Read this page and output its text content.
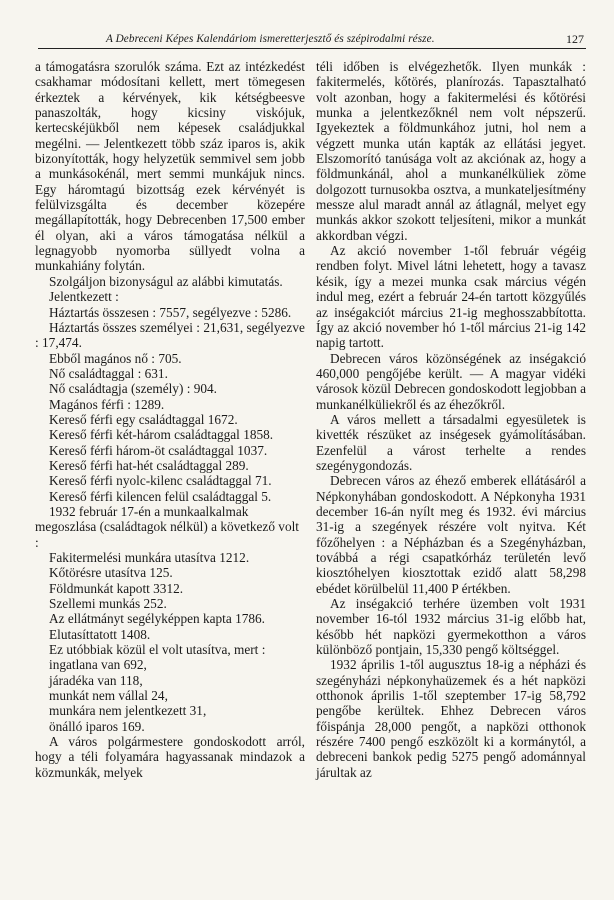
A Debreceni Képes Kalendáriom ismeretterjesztő és szépirodalmi része.	127

a támogatásra szorulók száma. Ezt az intézkedést csakhamar módosítani kellett, mert tömegesen érkeztek a kérvények, kik kétségbeesve panaszolták, hogy kicsiny viskójuk, kertecskéjükből nem képesek családjukkal megélni. — Jelentkezett több száz iparos is, akik bizonyították, hogy helyzetük semmivel sem jobb a munkásokénál, mert semmi munkájuk nincs. Egy háromtagú bizottság ezek kérvényét is felülvizsgálta és december közepére megállapították, hogy Debrecenben 17,500 ember él olyan, aki a város támogatása nélkül a legnagyobb nyomorba süllyedt volna a munkahiány folytán.

Szolgáljon bizonyságul az alábbi kimutatás.

Jelentkezett :

Háztartás összesen : 7557, segélyezve : 5286.

Háztartás összes személyei : 21,631, segélyezve : 17,474.

Ebből magános nő : 705.

Nő családtaggal : 631.

Nő családtagja (személy) : 904.

Magános férfi : 1289.

Kereső férfi egy családtaggal 1672.

Kereső férfi két-három családtaggal 1858.

Kereső férfi három-öt családtaggal 1037.

Kereső férfi hat-hét családtaggal 289.

Kereső férfi nyolc-kilenc családtaggal 71.

Kereső férfi kilencen felül családtaggal 5.

1932 február 17-én a munkaalkalmak megoszlása (családtagok nélkül) a következő volt :

Fakitermelési munkára utasítva 1212.

Kőtörésre utasítva 125.

Földmunkát kapott 3312.

Szellemi munkás 252.

Az ellátmányt segélyképpen kapta 1786.

Elutasíttatott 1408.

Ez utóbbiak közül el volt utasítva, mert :

ingatlana van 692,

járadéka van 118,

munkát nem vállal 24,

munkára nem jelentkezett 31,

önálló iparos 169.

A város polgármestere gondoskodott arról, hogy a téli folyamára hagyassanak mindazok a közmunkák, melyek

téli időben is elvégezhetők. Ilyen munkák : fakitermelés, kőtörés, planírozás. Tapasztalható volt azonban, hogy a fakitermelési és kőtörési munka a jelentkezőknél nem volt népszerű. Igyekeztek a földmunkához jutni, hol nem a végzett munka után kapták az ellátási jegyet. Elszomorító tanúsága volt az akciónak az, hogy a földmunkánál, ahol a munkanélküliek zöme dolgozott turnusokba osztva, a munkateljesítmény messze alul maradt annál az átlagnál, melyet egy munkás akkor szokott teljesíteni, mikor a munkát akkordban végzi.

Az akció november 1-től február végéig rendben folyt. Mivel látni lehetett, hogy a tavasz késik, így a mezei munka csak március végén indul meg, ezért a február 24-én tartott közgyűlés az inségakciót március 21-ig meghosszabbította. Így az akció november hó 1-től március 21-ig 142 napig tartott.

Debrecen város közönségének az inségakció 460,000 pengőjébe került. — A magyar vidéki városok közül Debrecen gondoskodott legjobban a munkanélküliekről és az éhezőkről.

A város mellett a társadalmi egyesületek is kivették részüket az inségesek gyámolításában. Ezenfelül a várost terhelte a rendes szegénygondozás.

Debrecen város az éhező emberek ellátásáról a Népkonyhában gondoskodott. A Népkonyha 1931 december 16-án nyílt meg és 1932. évi március 31-ig a szegények részére volt nyitva. Két főzőhelyen : a Népházban és a Szegényházban, továbbá a régi csapatkórház területén levő kiosztóhelyen kiosztottak ezidő alatt 58,298 ebédet körülbelül 11,400 P értékben.

Az inségakció terhére üzemben volt 1931 november 16-tól 1932 március 31-ig előbb hat, később hét napközi gyermekotthon a város különböző pontjain, 15,330 pengő költséggel.

1932 április 1-től augusztus 18-ig a népházi és szegényházi népkonyhaüzemek és a hét napközi otthonok április 1-től szeptember 17-ig 58,792 pengőbe kerültek. Ehhez Debrecen város főispánja 28,000 pengőt, a napközi otthonok részére 7400 pengő eszközölt ki a kormánytól, a debreceni bankok pedig 5275 pengő adománnyal járultak az
